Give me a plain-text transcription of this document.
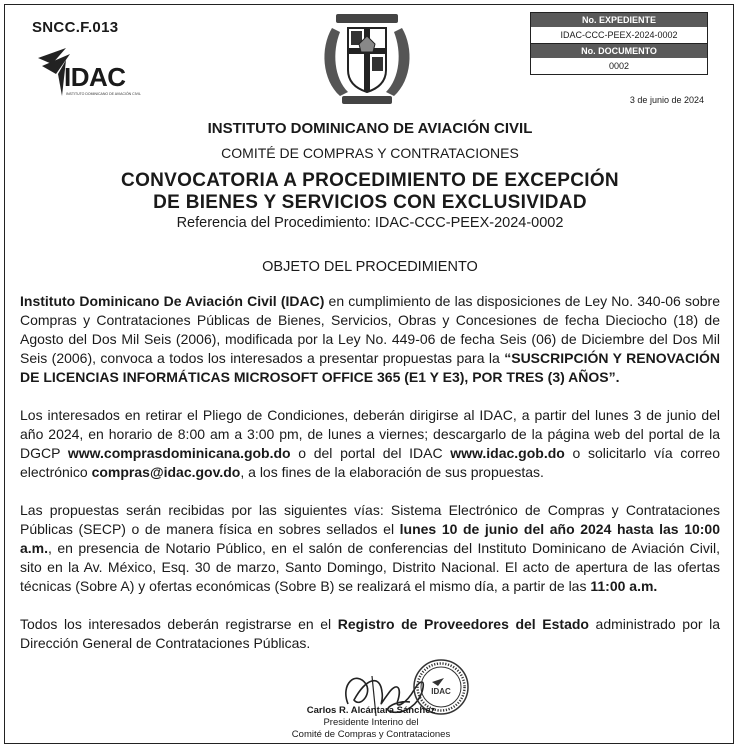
SNCC.F.013
IDAC
INSTITUTO DOMINICANO DE AVIACIÓN CIVIL
No. EXPEDIENTE
IDAC-CCC-PEEX-2024-0002
No. DOCUMENTO
0002
3 de junio de 2024
INSTITUTO DOMINICANO DE AVIACIÓN CIVIL
COMITÉ DE COMPRAS Y CONTRATACIONES
CONVOCATORIA A PROCEDIMIENTO DE EXCEPCIÓN
DE BIENES Y SERVICIOS CON EXCLUSIVIDAD
Referencia del Procedimiento: IDAC-CCC-PEEX-2024-0002
OBJETO DEL PROCEDIMIENTO

Instituto Dominicano De Aviación Civil (IDAC) en cumplimiento de las disposiciones de Ley No. 340-06 sobre Compras y Contrataciones Públicas de Bienes, Servicios, Obras y Concesiones de fecha Dieciocho (18) de Agosto del Dos Mil Seis (2006), modificada por la Ley No. 449-06 de fecha Seis (06) de Diciembre del Dos Mil Seis (2006), convoca a todos los interesados a presentar propuestas para la “SUSCRIPCIÓN Y RENOVACIÓN DE LICENCIAS INFORMÁTICAS MICROSOFT OFFICE 365 (E1 Y E3), POR TRES (3) AÑOS”.

Los interesados en retirar el Pliego de Condiciones, deberán dirigirse al IDAC, a partir del lunes 3 de junio del año 2024, en horario de 8:00 am a 3:00 pm, de lunes a viernes; descargarlo de la página web del portal de la DGCP www.comprasdominicana.gob.do o del portal del IDAC www.idac.gob.do o solicitarlo vía correo electrónico compras@idac.gov.do, a los fines de la elaboración de sus propuestas.

Las propuestas serán recibidas por las siguientes vías: Sistema Electrónico de Compras y Contrataciones Públicas (SECP) o de manera física en sobres sellados el lunes 10 de junio del año 2024 hasta las 10:00 a.m., en presencia de Notario Público, en el salón de conferencias del Instituto Dominicano de Aviación Civil, sito en la Av. México, Esq. 30 de marzo, Santo Domingo, Distrito Nacional. El acto de apertura de las ofertas técnicas (Sobre A) y ofertas económicas (Sobre B) se realizará el mismo día, a partir de las 11:00 a.m.

Todos los interesados deberán registrarse en el Registro de Proveedores del Estado administrado por la Dirección General de Contrataciones Públicas.

IDAC
Carlos R. Alcántara Sánchez
Presidente Interino del
Comité de Compras y Contrataciones
